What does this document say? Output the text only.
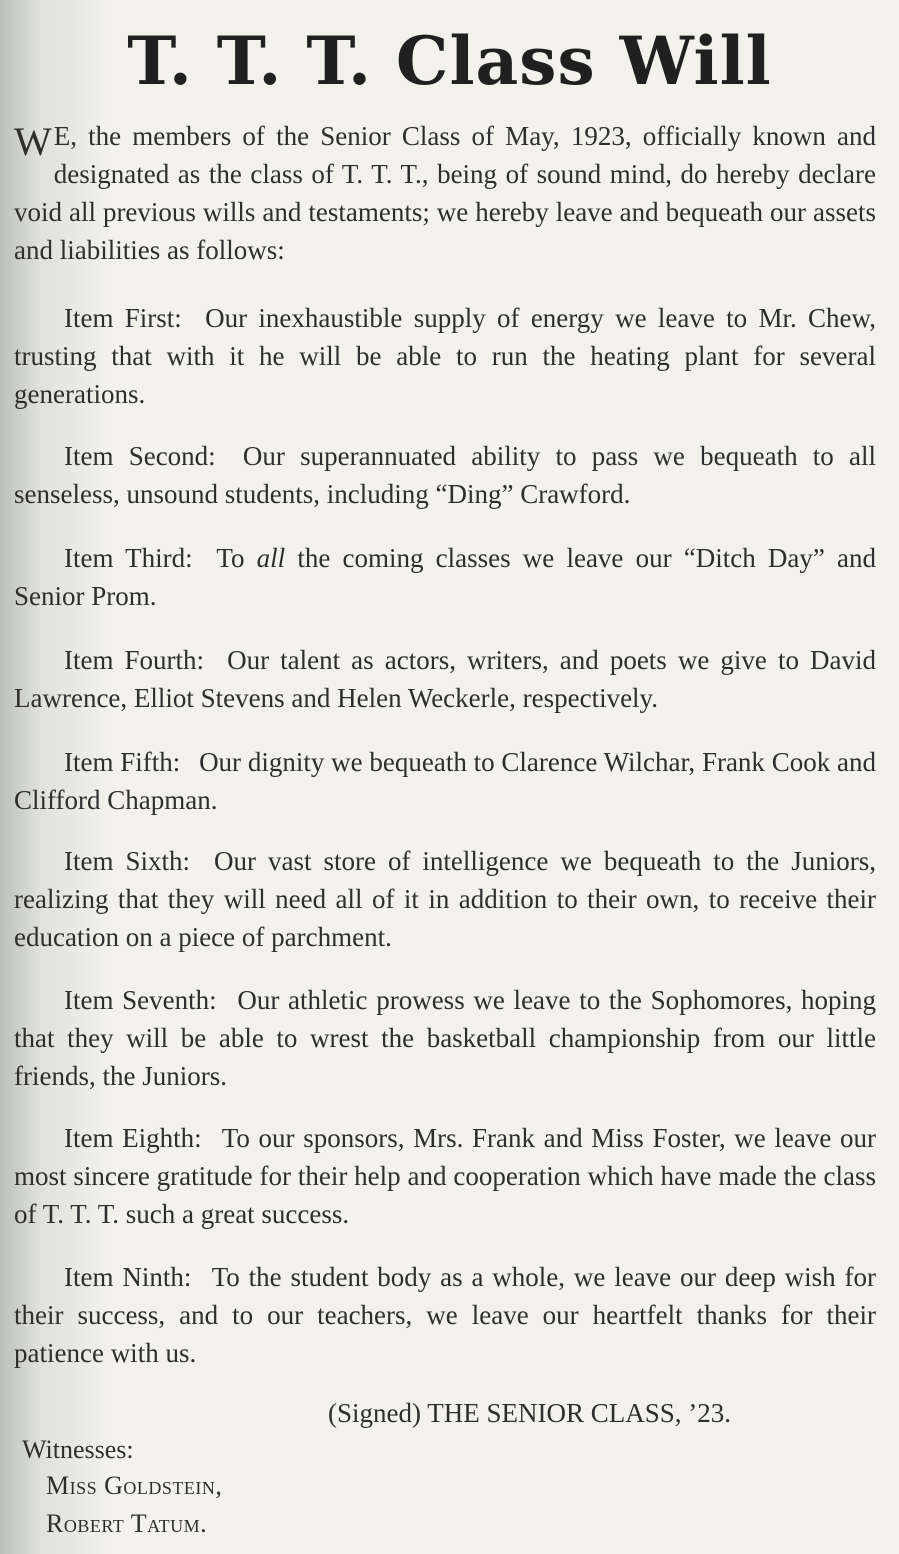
T. T. T. Class Will

W E, the members of the Senior Class of May, 1923, officially known and designated as the class of T. T. T., being of sound mind, do hereby declare void all previous wills and testaments; we hereby leave and bequeath our assets and liabilities as follows:

Item First: Our inexhaustible supply of energy we leave to Mr. Chew, trusting that with it he will be able to run the heating plant for several generations.

Item Second: Our superannuated ability to pass we bequeath to all senseless, unsound students, including “Ding” Crawford.

Item Third: To all the coming classes we leave our “Ditch Day” and Senior Prom.

Item Fourth: Our talent as actors, writers, and poets we give to David Lawrence, Elliot Stevens and Helen Weckerle, respectively.

Item Fifth: Our dignity we bequeath to Clarence Wilchar, Frank Cook and Clifford Chapman.

Item Sixth: Our vast store of intelligence we bequeath to the Juniors, realizing that they will need all of it in addition to their own, to receive their education on a piece of parchment.

Item Seventh: Our athletic prowess we leave to the Sophomores, hoping that they will be able to wrest the basketball championship from our little friends, the Juniors.

Item Eighth: To our sponsors, Mrs. Frank and Miss Foster, we leave our most sincere gratitude for their help and cooperation which have made the class of T. T. T. such a great success.

Item Ninth: To the student body as a whole, we leave our deep wish for their success, and to our teachers, we leave our heartfelt thanks for their patience with us.

(Signed) THE SENIOR CLASS, ’23.
Witnesses:
Miss Goldstein,
Robert Tatum.
